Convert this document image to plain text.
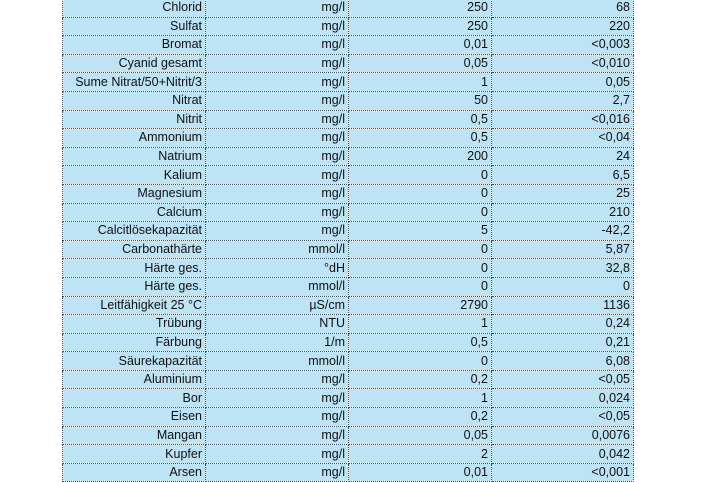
Chlorid	mg/l	250	68
Sulfat	mg/l	250	220
Bromat	mg/l	0,01	<0,003
Cyanid gesamt	mg/l	0,05	<0,010
Sume Nitrat/50+Nitrit/3	mg/l	1	0,05
Nitrat	mg/l	50	2,7
Nitrit	mg/l	0,5	<0,016
Ammonium	mg/l	0,5	<0,04
Natrium	mg/l	200	24
Kalium	mg/l	0	6,5
Magnesium	mg/l	0	25
Calcium	mg/l	0	210
Calcitlösekapazität	mg/l	5	-42,2
Carbonathärte	mmol/l	0	5,87
Härte ges.	°dH	0	32,8
Härte ges.	mmol/l	0	0
Leitfähigkeit 25 °C	µS/cm	2790	1136
Trübung	NTU	1	0,24
Färbung	1/m	0,5	0,21
Säurekapazität	mmol/l	0	6,08
Aluminium	mg/l	0,2	<0,05
Bor	mg/l	1	0,024
Eisen	mg/l	0,2	<0,05
Mangan	mg/l	0,05	0,0076
Kupfer	mg/l	2	0,042
Arsen	mg/l	0,01	<0,001
